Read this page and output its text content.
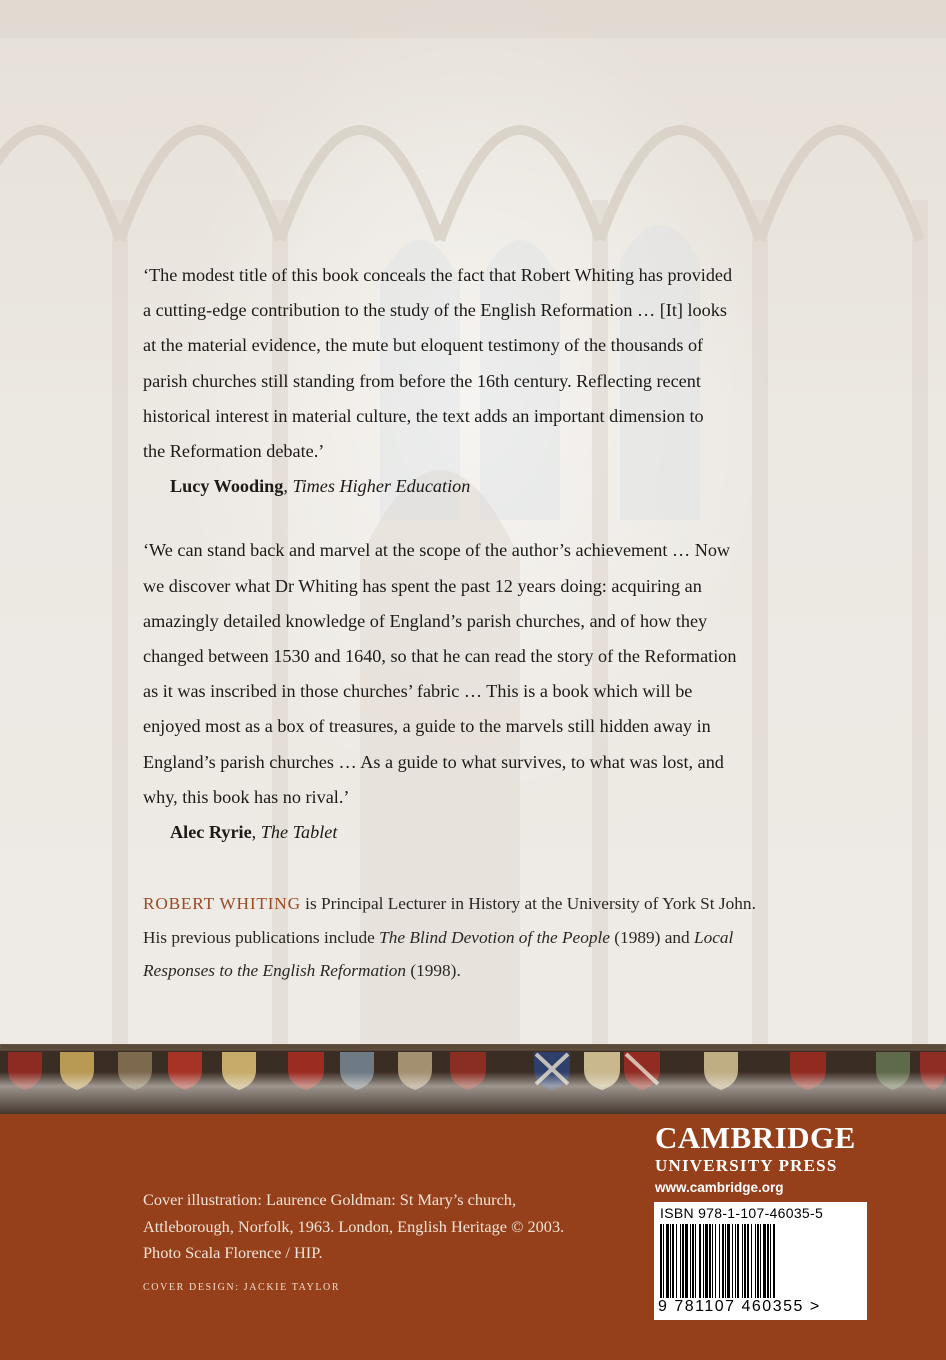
‘The modest title of this book conceals the fact that Robert Whiting has provided

a cutting-edge contribution to the study of the English Reformation … [It] looks

at the material evidence, the mute but eloquent testimony of the thousands of

parish churches still standing from before the 16th century. Reflecting recent

historical interest in material culture, the text adds an important dimension to

the Reformation debate.’

Lucy Wooding, Times Higher Education

‘We can stand back and marvel at the scope of the author’s achievement … Now

we discover what Dr Whiting has spent the past 12 years doing: acquiring an

amazingly detailed knowledge of England’s parish churches, and of how they

changed between 1530 and 1640, so that he can read the story of the Reformation

as it was inscribed in those churches’ fabric … This is a book which will be

enjoyed most as a box of treasures, a guide to the marvels still hidden away in

England’s parish churches … As a guide to what survives, to what was lost, and

why, this book has no rival.’

Alec Ryrie, The Tablet

ROBERT WHITING is Principal Lecturer in History at the University of York St John.
His previous publications include The Blind Devotion of the People (1989) and Local
Responses to the English Reformation (1998).
Cover illustration: Laurence Goldman: St Mary’s church,
Attleborough, Norfolk, 1963. London, English Heritage © 2003.
Photo Scala Florence / HIP.
COVER DESIGN: JACKIE TAYLOR
CAMBRIDGE
UNIVERSITY PRESS
www.cambridge.org
ISBN 978-1-107-46035-5
9 781107 460355 >
